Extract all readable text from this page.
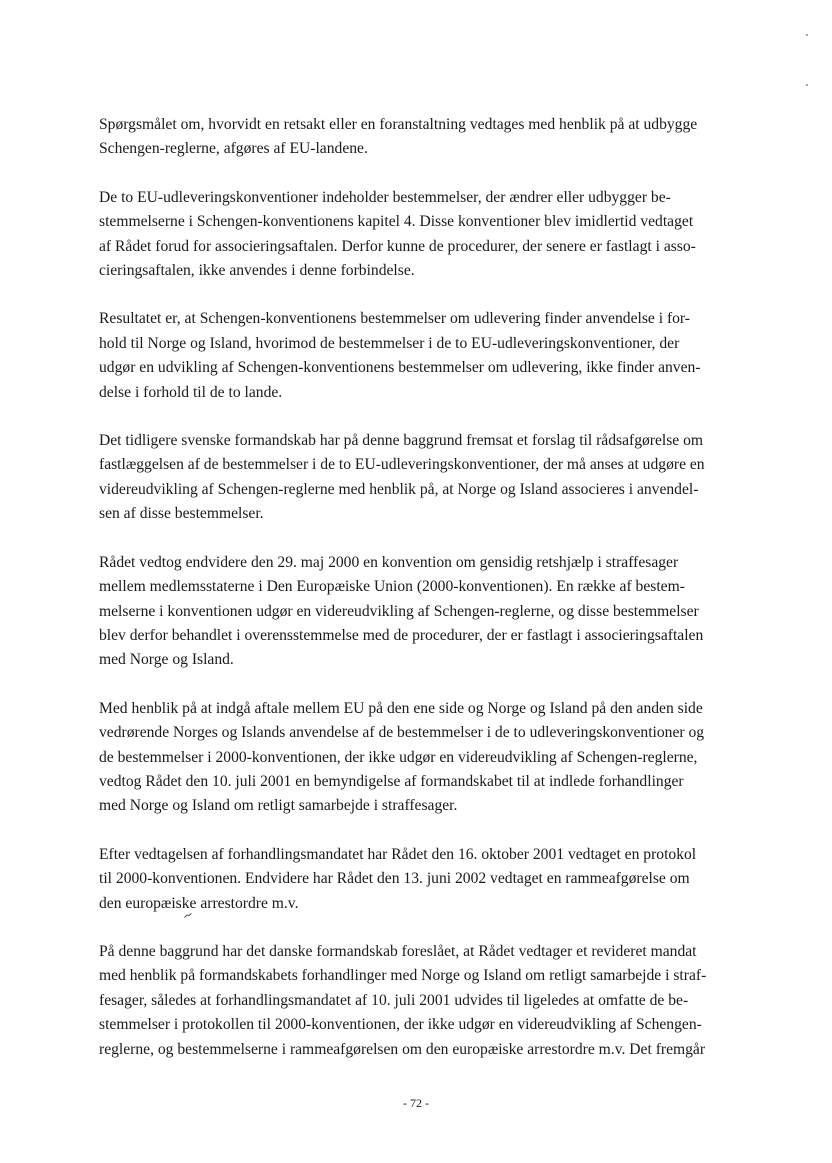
Spørgsmålet om, hvorvidt en retsakt eller en foranstaltning vedtages med henblik på at udbygge
Schengen-reglerne, afgøres af EU-landene.

De to EU-udleveringskonventioner indeholder bestemmelser, der ændrer eller udbygger be-
stemmelserne i Schengen-konventionens kapitel 4. Disse konventioner blev imidlertid vedtaget
af Rådet forud for associeringsaftalen. Derfor kunne de procedurer, der senere er fastlagt i asso-
cieringsaftalen, ikke anvendes i denne forbindelse.

Resultatet er, at Schengen-konventionens bestemmelser om udlevering finder anvendelse i for-
hold til Norge og Island, hvorimod de bestemmelser i de to EU-udleveringskonventioner, der
udgør en udvikling af Schengen-konventionens bestemmelser om udlevering, ikke finder anven-
delse i forhold til de to lande.

Det tidligere svenske formandskab har på denne baggrund fremsat et forslag til rådsafgørelse om
fastlæggelsen af de bestemmelser i de to EU-udleveringskonventioner, der må anses at udgøre en
videreudvikling af Schengen-reglerne med henblik på, at Norge og Island associeres i anvendel-
sen af disse bestemmelser.

Rådet vedtog endvidere den 29. maj 2000 en konvention om gensidig retshjælp i straffesager
mellem medlemsstaterne i Den Europæiske Union (2000-konventionen). En række af bestem-
melserne i konventionen udgør en videreudvikling af Schengen-reglerne, og disse bestemmelser
blev derfor behandlet i overensstemmelse med de procedurer, der er fastlagt i associeringsaftalen
med Norge og Island.

Med henblik på at indgå aftale mellem EU på den ene side og Norge og Island på den anden side
vedrørende Norges og Islands anvendelse af de bestemmelser i de to udleveringskonventioner og
de bestemmelser i 2000-konventionen, der ikke udgør en videreudvikling af Schengen-reglerne,
vedtog Rådet den 10. juli 2001 en bemyndigelse af formandskabet til at indlede forhandlinger
med Norge og Island om retligt samarbejde i straffesager.

Efter vedtagelsen af forhandlingsmandatet har Rådet den 16. oktober 2001 vedtaget en protokol
til 2000-konventionen. Endvidere har Rådet den 13. juni 2002 vedtaget en rammeafgørelse om
den europæiske arrestordre m.v.

På denne baggrund har det danske formandskab foreslået, at Rådet vedtager et revideret mandat
med henblik på formandskabets forhandlinger med Norge og Island om retligt samarbejde i straf-
fesager, således at forhandlingsmandatet af 10. juli 2001 udvides til ligeledes at omfatte de be-
stemmelser i protokollen til 2000-konventionen, der ikke udgør en videreudvikling af Schengen-
reglerne, og bestemmelserne i rammeafgørelsen om den europæiske arrestordre m.v. Det fremgår

- 72 -
